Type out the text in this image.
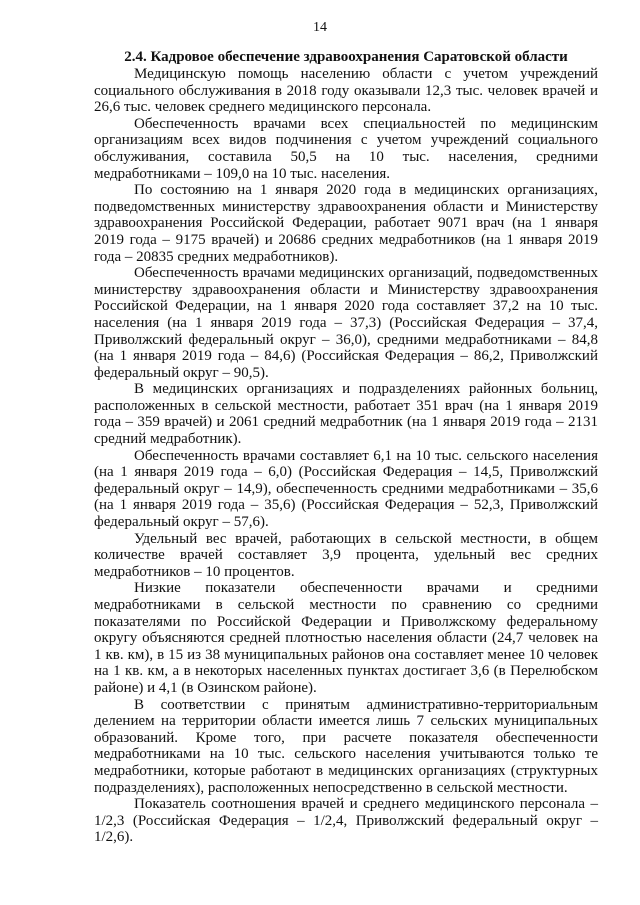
14
2.4. Кадровое обеспечение здравоохранения Саратовской области

Медицинскую помощь населению области с учетом учреждений социального обслуживания в 2018 году оказывали 12,3 тыс. человек врачей и 26,6 тыс. человек среднего медицинского персонала.

Обеспеченность врачами всех специальностей по медицинским организациям всех видов подчинения с учетом учреждений социального обслуживания, составила 50,5 на 10 тыс. населения, средними медработниками – 109,0 на 10 тыс. населения.

По состоянию на 1 января 2020 года в медицинских организациях, подведомственных министерству здравоохранения области и Министерству здравоохранения Российской Федерации, работает 9071 врач (на 1 января 2019 года – 9175 врачей) и 20686 средних медработников (на 1 января 2019 года – 20835 средних медработников).

Обеспеченность врачами медицинских организаций, подведомственных министерству здравоохранения области и Министерству здравоохранения Российской Федерации, на 1 января 2020 года составляет 37,2 на 10 тыс. населения (на 1 января 2019 года – 37,3) (Российская Федерация – 37,4, Приволжский федеральный округ – 36,0), средними медработниками – 84,8 (на 1 января 2019 года – 84,6) (Российская Федерация – 86,2, Приволжский федеральный округ – 90,5).

В медицинских организациях и подразделениях районных больниц, расположенных в сельской местности, работает 351 врач (на 1 января 2019 года – 359 врачей) и 2061 средний медработник (на 1 января 2019 года – 2131 средний медработник).

Обеспеченность врачами составляет 6,1 на 10 тыс. сельского населения (на 1 января 2019 года – 6,0) (Российская Федерация – 14,5, Приволжский федеральный округ – 14,9), обеспеченность средними медработниками – 35,6 (на 1 января 2019 года – 35,6) (Российская Федерация – 52,3, Приволжский федеральный округ – 57,6).

Удельный вес врачей, работающих в сельской местности, в общем количестве врачей составляет 3,9 процента, удельный вес средних медработников – 10 процентов.

Низкие показатели обеспеченности врачами и средними медработниками в сельской местности по сравнению со средними показателями по Российской Федерации и Приволжскому федеральному округу объясняются средней плотностью населения области (24,7 человек на 1 кв. км), в 15 из 38 муниципальных районов она составляет менее 10 человек на 1 кв. км, а в некоторых населенных пунктах достигает 3,6 (в Перелюбском районе) и 4,1 (в Озинском районе).

В соответствии с принятым административно-территориальным делением на территории области имеется лишь 7 сельских муниципальных образований. Кроме того, при расчете показателя обеспеченности медработниками на 10 тыс. сельского населения учитываются только те медработники, которые работают в медицинских организациях (структурных подразделениях), расположенных непосредственно в сельской местности.

Показатель соотношения врачей и среднего медицинского персонала – 1/2,3 (Российская Федерация – 1/2,4, Приволжский федеральный округ – 1/2,6).
